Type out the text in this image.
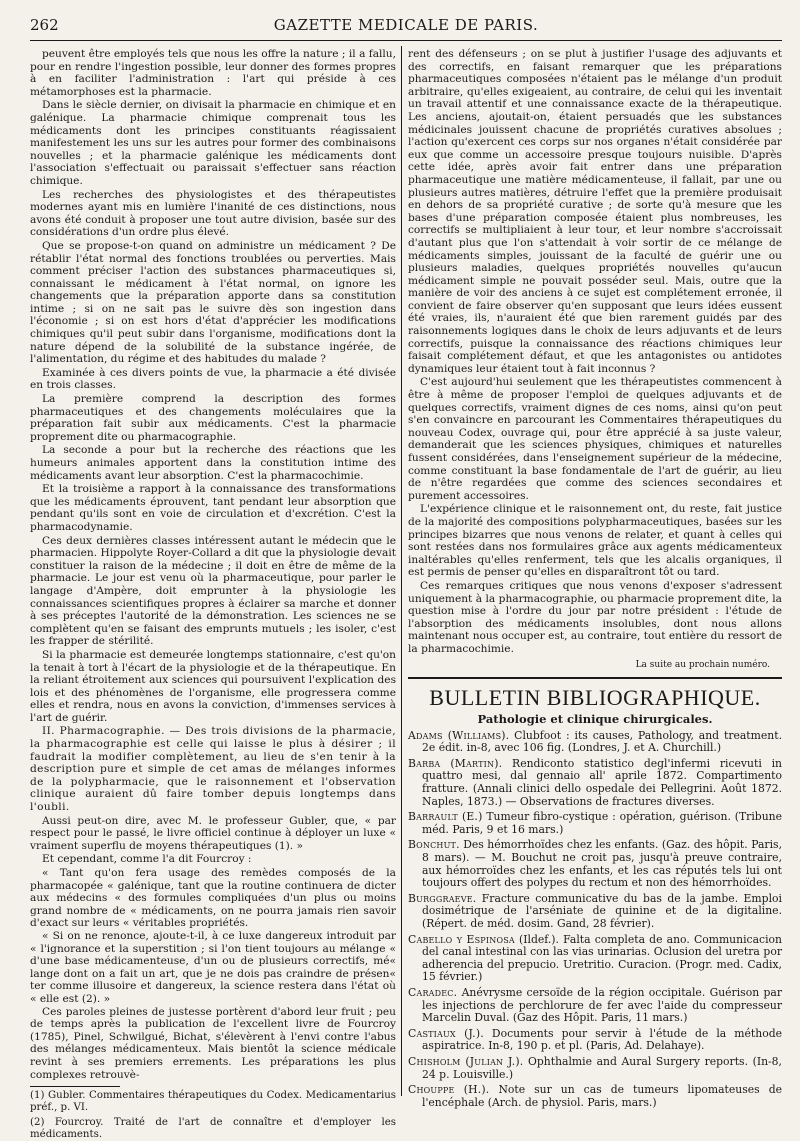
262	GAZETTE MEDICALE DE PARIS.

peuvent être employés tels que nous les offre la nature ; il a fallu, pour en rendre l'ingestion possible, leur donner des formes propres à en faciliter l'administration : l'art qui préside à ces métamorphoses est la pharmacie.

Dans le siècle dernier, on divisait la pharmacie en chimique et en galénique. La pharmacie chimique comprenait tous les médicaments dont les principes constituants réagissaient manifestement les uns sur les autres pour former des combinaisons nouvelles ; et la pharmacie galénique les médicaments dont l'association s'effectuait ou paraissait s'effectuer sans réaction chimique.

Les recherches des physiologistes et des thérapeutistes modernes ayant mis en lumière l'inanité de ces distinctions, nous avons été conduit à proposer une tout autre division, basée sur des considérations d'un ordre plus élevé.

Que se propose-t-on quand on administre un médicament ? De rétablir l'état normal des fonctions troublées ou perverties. Mais comment préciser l'action des substances pharmaceutiques si, connaissant le médicament à l'état normal, on ignore les changements que la préparation apporte dans sa constitution intime ; si on ne sait pas le suivre dès son ingestion dans l'économie ; si on est hors d'état d'apprécier les modifications chimiques qu'il peut subir dans l'organisme, modifications dont la nature dépend de la solubilité de la substance ingérée, de l'alimentation, du régime et des habitudes du malade ?

Examinée à ces divers points de vue, la pharmacie a été divisée en trois classes.

La première comprend la description des formes pharmaceutiques et des changements moléculaires que la préparation fait subir aux médicaments. C'est la pharmacie proprement dite ou pharmacographie.

La seconde a pour but la recherche des réactions que les humeurs animales apportent dans la constitution intime des médicaments avant leur absorption. C'est la pharmacochimie.

Et la troisième a rapport à la connaissance des transformations que les médicaments éprouvent, tant pendant leur absorption que pendant qu'ils sont en voie de circulation et d'excrétion. C'est la pharmacodynamie.

Ces deux dernières classes intéressent autant le médecin que le pharmacien. Hippolyte Royer-Collard a dit que la physiologie devait constituer la raison de la médecine ; il doit en être de même de la pharmacie. Le jour est venu où la pharmaceutique, pour parler le langage d'Ampère, doit emprunter à la physiologie les connaissances scientifiques propres à éclairer sa marche et donner à ses préceptes l'autorité de la démonstration. Les sciences ne se complètent qu'en se faisant des emprunts mutuels ; les isoler, c'est les frapper de stérilité.

Si la pharmacie est demeurée longtemps stationnaire, c'est qu'on la tenait à tort à l'écart de la physiologie et de la thérapeutique. En la reliant étroitement aux sciences qui poursuivent l'explication des lois et des phénomènes de l'organisme, elle progressera comme elles et rendra, nous en avons la conviction, d'immenses services à l'art de guérir.

II. Pharmacographie. — Des trois divisions de la pharmacie, la pharmacographie est celle qui laisse le plus à désirer ; il faudrait la modifier complètement, au lieu de s'en tenir à la description pure et simple de cet amas de mélanges informes de la polypharmacie, que le raisonnement et l'observation clinique auraient dû faire tomber depuis longtemps dans l'oubli.

Aussi peut-on dire, avec M. le professeur Gubler, que, « par respect pour le passé, le livre officiel continue à déployer un luxe « vraiment superflu de moyens thérapeutiques (1). »

Et cependant, comme l'a dit Fourcroy :

« Tant qu'on fera usage des remèdes composés de la pharmacopée « galénique, tant que la routine continuera de dicter aux médecins « des formules compliquées d'un plus ou moins grand nombre de « médicaments, on ne pourra jamais rien savoir d'exact sur leurs « véritables propriétés.

« Si on ne renonce, ajoute-t-il, à ce luxe dangereux introduit par « l'ignorance et la superstition ; si l'on tient toujours au mélange « d'une base médicamenteuse, d'un ou de plusieurs correctifs, mé« lange dont on a fait un art, que je ne dois pas craindre de présen« ter comme illusoire et dangereux, la science restera dans l'état où « elle est (2). »

Ces paroles pleines de justesse portèrent d'abord leur fruit ; peu de temps après la publication de l'excellent livre de Fourcroy (1785), Pinel, Schwilgué, Bichat, s'élevèrent à l'envi contre l'abus des mélanges médicamenteux. Mais bientôt la science médicale revint à ses premiers errements. Les préparations les plus complexes retrouvè-

(1) Gubler. Commentaires thérapeutiques du Codex. Medicamentarius préf., p. VI.

(2) Fourcroy. Traité de l'art de connaître et d'employer les médicaments.

rent des défenseurs ; on se plut à justifier l'usage des adjuvants et des correctifs, en faisant remarquer que les préparations pharmaceutiques composées n'étaient pas le mélange d'un produit arbitraire, qu'elles exigeaient, au contraire, de celui qui les inventait un travail attentif et une connaissance exacte de la thérapeutique. Les anciens, ajoutait-on, étaient persuadés que les substances médicinales jouissent chacune de propriétés curatives absolues ; l'action qu'exercent ces corps sur nos organes n'était considérée par eux que comme un accessoire presque toujours nuisible. D'après cette idée, après avoir fait entrer dans une préparation pharmaceutique une matière médicamenteuse, il fallait, par une ou plusieurs autres matières, détruire l'effet que la première produisait en dehors de sa propriété curative ; de sorte qu'à mesure que les bases d'une préparation composée étaient plus nombreuses, les correctifs se multipliaient à leur tour, et leur nombre s'accroissait d'autant plus que l'on s'attendait à voir sortir de ce mélange de médicaments simples, jouissant de la faculté de guérir une ou plusieurs maladies, quelques propriétés nouvelles qu'aucun médicament simple ne pouvait posséder seul. Mais, outre que la manière de voir des anciens à ce sujet est complétement erronée, il convient de faire observer qu'en supposant que leurs idées eussent été vraies, ils, n'auraient été que bien rarement guidés par des raisonnements logiques dans le choix de leurs adjuvants et de leurs correctifs, puisque la connaissance des réactions chimiques leur faisait complétement défaut, et que les antagonistes ou antidotes dynamiques leur étaient tout à fait inconnus ?

C'est aujourd'hui seulement que les thérapeutistes commencent à être à même de proposer l'emploi de quelques adjuvants et de quelques correctifs, vraiment dignes de ces noms, ainsi qu'on peut s'en convaincre en parcourant les Commentaires thérapeutiques du nouveau Codex, ouvrage qui, pour être apprécié à sa juste valeur, demanderait que les sciences physiques, chimiques et naturelles fussent considérées, dans l'enseignement supérieur de la médecine, comme constituant la base fondamentale de l'art de guérir, au lieu de n'être regardées que comme des sciences secondaires et purement accessoires.

L'expérience clinique et le raisonnement ont, du reste, fait justice de la majorité des compositions polypharmaceutiques, basées sur les principes bizarres que nous venons de relater, et quant à celles qui sont restées dans nos formulaires grâce aux agents médicamenteux inaltérables qu'elles renferment, tels que les alcalis organiques, il est permis de penser qu'elles en disparaîtront tôt ou tard.

Ces remarques critiques que nous venons d'exposer s'adressent uniquement à la pharmacographie, ou pharmacie proprement dite, la question mise à l'ordre du jour par notre président : l'étude de l'absorption des médicaments insolubles, dont nous allons maintenant nous occuper est, au contraire, tout entière du ressort de la pharmacochimie.

La suite au prochain numéro.
BULLETIN BIBLIOGRAPHIQUE.
Pathologie et clinique chirurgicales.

Adams (Williams). Clubfoot : its causes, Pathology, and treatment. 2e édit. in-8, avec 106 fig. (Londres, J. et A. Churchill.)

Barba (Martin). Rendiconto statistico degl'infermi ricevuti in quattro mesi, dal gennaio all' aprile 1872. Compartimento fratture. (Annali clinici dello ospedale dei Pellegrini. Août 1872. Naples, 1873.) — Observations de fractures diverses.

Barrault (E.) Tumeur fibro-cystique : opération, guérison. (Tribune méd. Paris, 9 et 16 mars.)

Bonchut. Des hémorrhoïdes chez les enfants. (Gaz. des hôpit. Paris, 8 mars). — M. Bouchut ne croit pas, jusqu'à preuve contraire, aux hémorroïdes chez les enfants, et les cas réputés tels lui ont toujours offert des polypes du rectum et non des hémorrhoïdes.

Burggraeve. Fracture communicative du bas de la jambe. Emploi dosimétrique de l'arséniate de quinine et de la digitaline. (Répert. de méd. dosim. Gand, 28 février).

Cabello y Espinosa (Ildef.). Falta completa de ano. Communicacion del canal intestinal con las vias urinarias. Oclusion del uretra por adherencia del prepucio. Uretritio. Curacion. (Progr. med. Cadix, 15 février.)

Caradec. Anévrysme cersoïde de la région occipitale. Guérison par les injections de perchlorure de fer avec l'aide du compresseur Marcelin Duval. (Gaz des Hôpit. Paris, 11 mars.)

Castiaux (J.). Documents pour servir à l'étude de la méthode aspiratrice. In-8, 190 p. et pl. (Paris, Ad. Delahaye).

Chisholm (Julian J.). Ophthalmie and Aural Surgery reports. (In-8, 24 p. Louisville.)

Chouppe (H.). Note sur un cas de tumeurs lipomateuses de l'encéphale (Arch. de physiol. Paris, mars.)
